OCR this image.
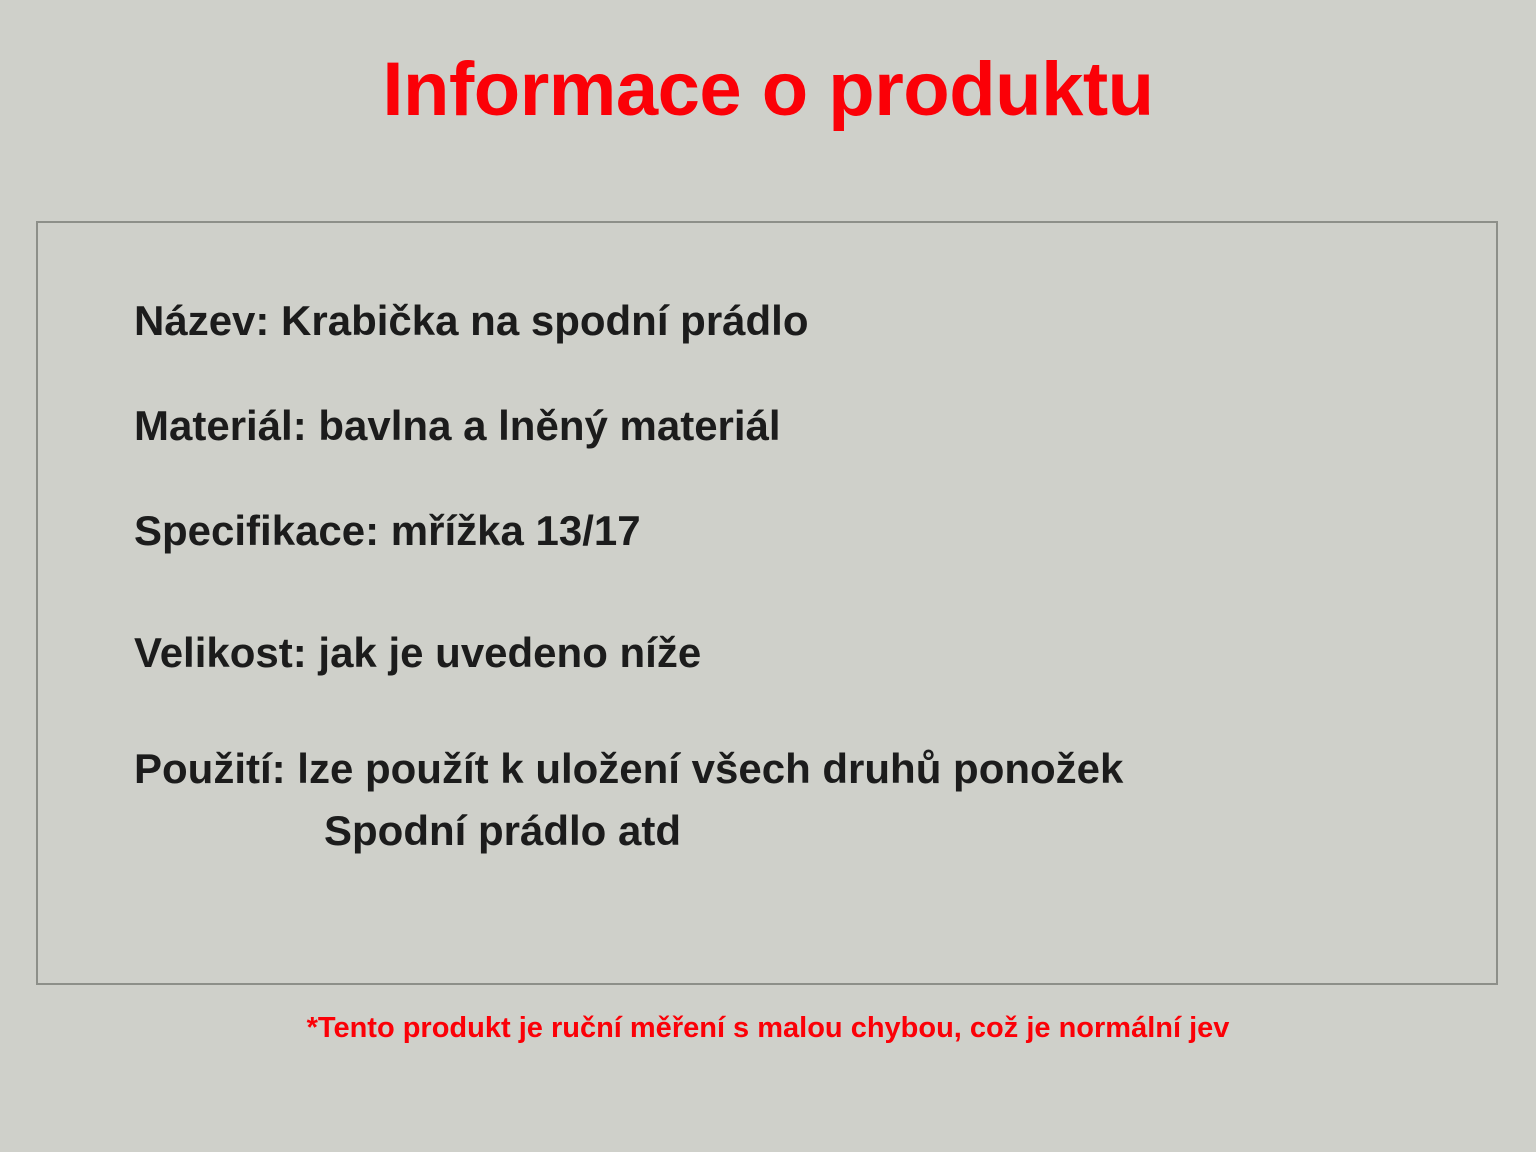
Informace o produktu
Název: Krabička na spodní prádlo
Materiál: bavlna a lněný materiál
Specifikace: mřížka 13/17
Velikost: jak je uvedeno níže
Použití: lze použít k uložení všech druhů ponožek
Spodní prádlo atd
*Tento produkt je ruční měření s malou chybou, což je normální jev
